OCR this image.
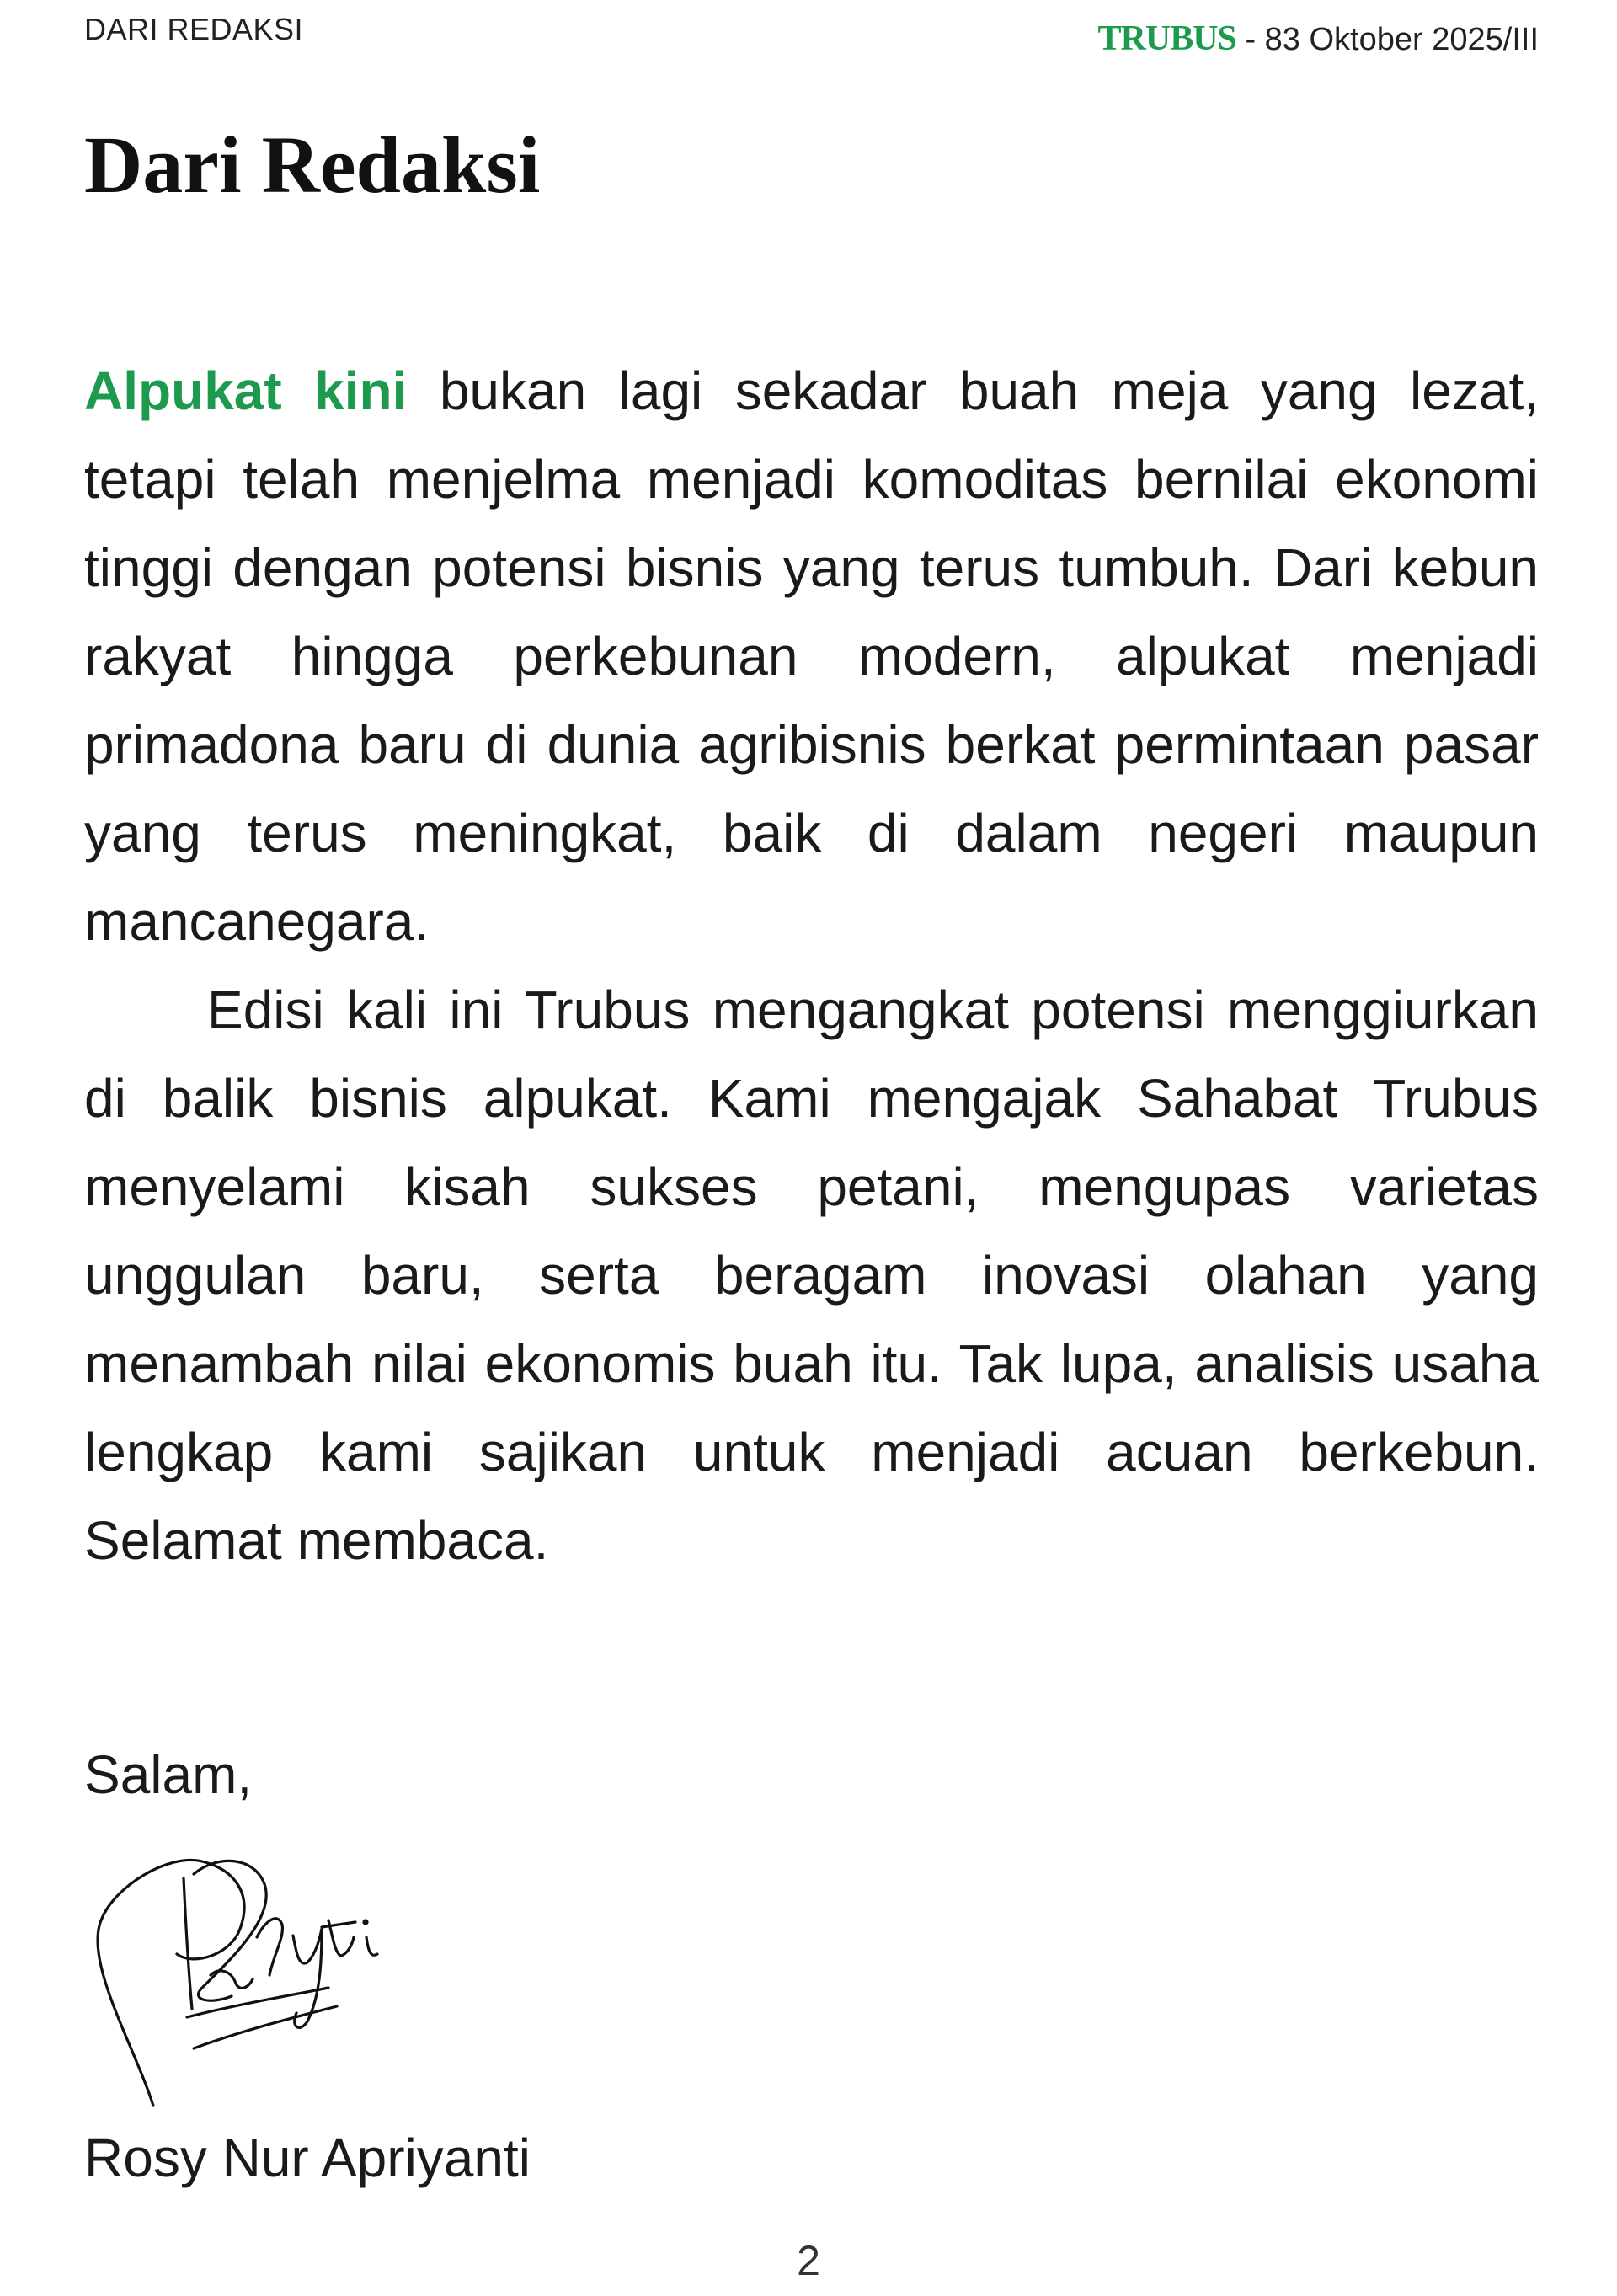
DARI REDAKSI	TRUBUS - 83 Oktober 2025/III
Dari Redaksi

Alpukat kini bukan lagi sekadar buah meja yang lezat, tetapi telah menjelma menjadi komoditas bernilai ekonomi tinggi dengan potensi bisnis yang terus tumbuh. Dari kebun rakyat hingga perkebunan modern, alpukat menjadi primadona baru di dunia agribisnis berkat permintaan pasar yang terus meningkat, baik di dalam negeri maupun mancanegara.

Edisi kali ini Trubus mengangkat potensi menggiurkan di balik bisnis alpukat. Kami mengajak Sahabat Trubus menyelami kisah sukses petani, mengupas varietas unggulan baru, serta beragam inovasi olahan yang menambah nilai ekonomis buah itu. Tak lupa, analisis usaha lengkap kami sajikan untuk menjadi acuan berkebun. Selamat membaca.

Salam,
Rosy Nur Apriyanti
2
